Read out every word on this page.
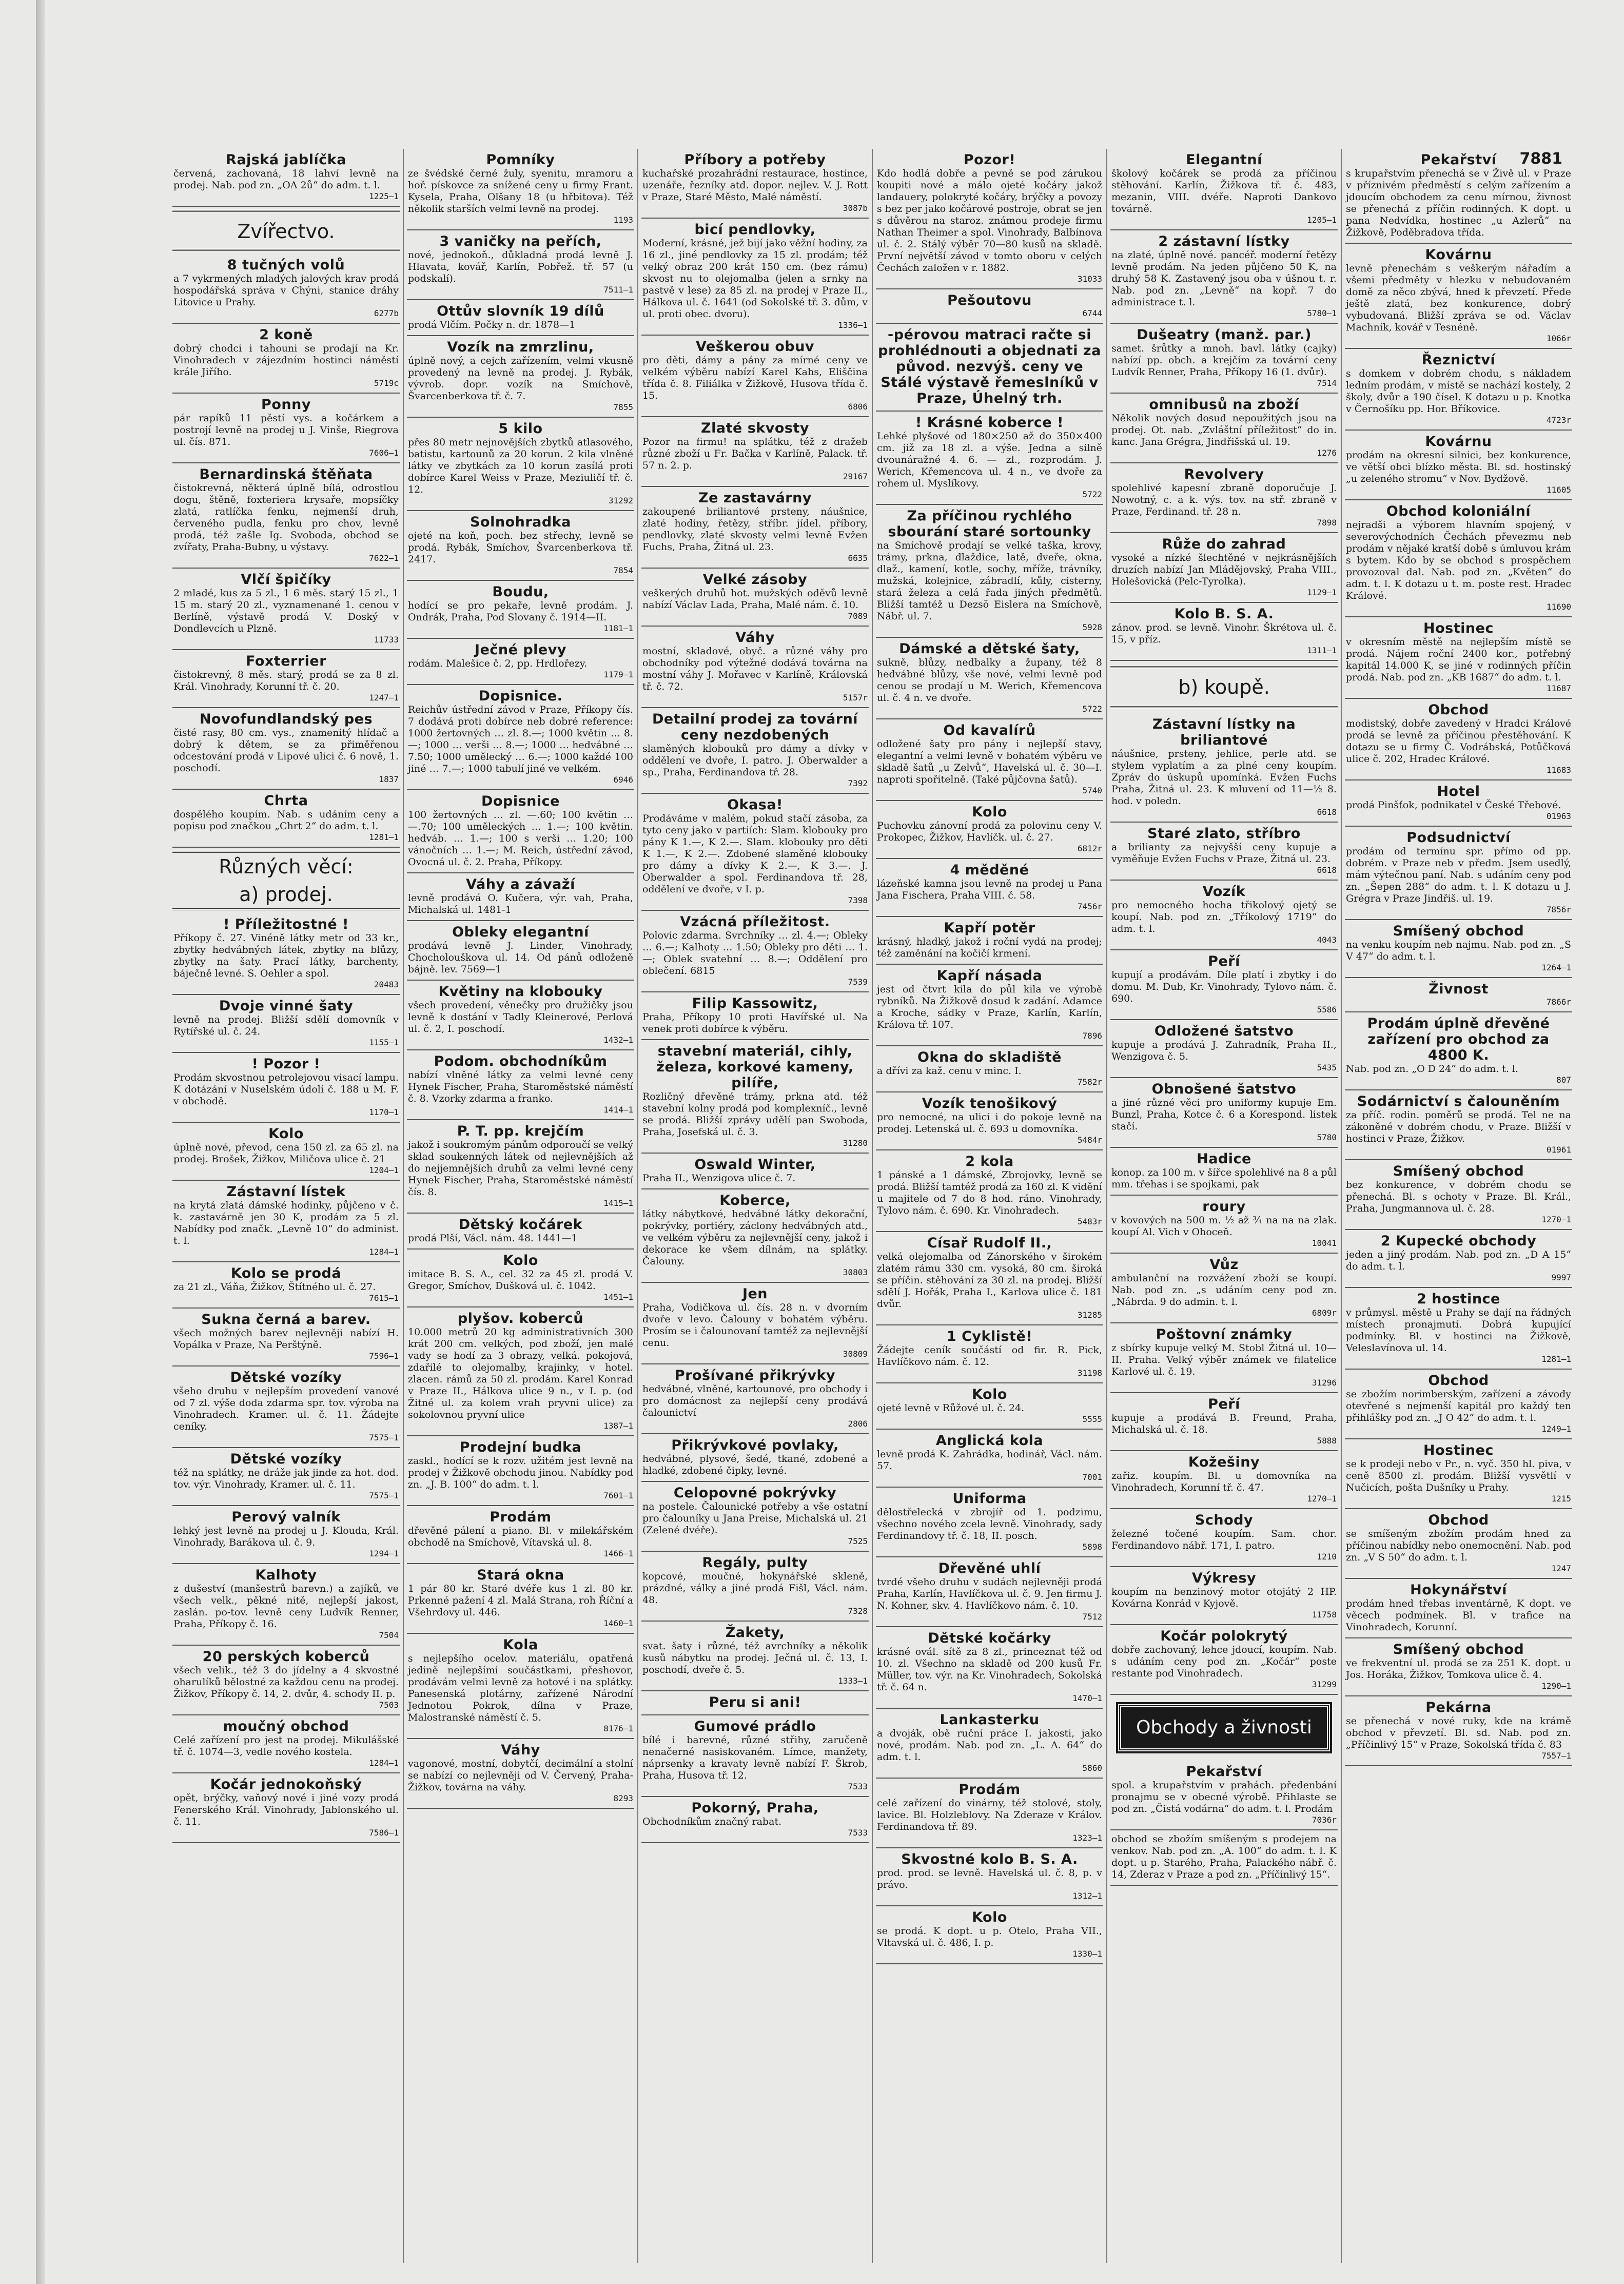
7881
Rajská jablíčka
červená, zachovaná, 18 lahví levně na prodej. Nab. pod zn. „OA 2ů“ do adm. t. l.
1225—1
Zvířectvo.
8 tučných volů
a 7 vykrmených mladých jalových krav prodá hospodářská správa v Chýni, stanice dráhy Litovice u Prahy.
6277b
2 koně
dobrý chodci i tahouni se prodají na Kr. Vinohradech v zájezdním hostinci náměstí krále Jiřího.
5719c
Ponny
pár rapíků 11 pěstí vys. a kočárkem a postrojí levně na prodej u J. Vinše, Riegrova ul. čís. 871.
7606—1
Bernardinská štěňata
čistokrevná, některá úplně bílá, odrostlou dogu, štěně, foxteriera krysaře, mopsíčky zlatá, ratlíčka fenku, nejmenší druh, červeného pudla, fenku pro chov, levně prodá, též zašle Ig. Svoboda, obchod se zvířaty, Praha-Bubny, u výstavy.
7622—1
Vlčí špičíky
2 mladé, kus za 5 zl., 1 6 měs. starý 15 zl., 1 15 m. starý 20 zl., vyznamenané 1. cenou v Berlíně, výstavě prodá V. Doský v Dondlevcích u Plzně.
11733
Foxterrier
čistokrevný, 8 měs. starý, prodá se za 8 zl. Král. Vinohrady, Korunní tř. č. 20.
1247—1
Novofundlandský pes
čisté rasy, 80 cm. vys., znamenitý hlídač a dobrý k dětem, se za přiměřenou odcestování prodá v Lipové ulici č. 6 nově, 1. poschodí.
1837
Chrta
dospělého koupím. Nab. s udáním ceny a popisu pod značkou „Chrt 2“ do adm. t. l.
1281—1
Různých věcí:
a) prodej.
! Příležitostné !
Příkopy č. 27. Vinéně látky metr od 33 kr., zbytky hedvábných látek, zbytky na blůzy, zbytky na šaty. Prací látky, barchenty, báječně levné. S. Oehler a spol.
20483
Dvoje vinné šaty
levně na prodej. Bližší sdělí domovník v Rytířské ul. č. 24.
1155—1
! Pozor !
Prodám skvostnou petrolejovou visací lampu. K dotázání v Nuselském údolí č. 188 u M. F. v obchodě.
1170—1
Kolo
úplně nové, převod, cena 150 zl. za 65 zl. na prodej. Brošek, Žižkov, Miličova ulice č. 21
1204—1
Zástavní lístek
na krytá zlatá dámské hodinky, půjčeno v č. k. zastavárně jen 30 K, prodám za 5 zl. Nabídky pod značk. „Levně 10“ do administ. t. l.
1284—1
Kolo se prodá
za 21 zl., Váňa, Žižkov, Štítného ul. č. 27.
7615—1
Sukna černá a barev.
všech možných barev nejlevněji nabízí H. Vopálka v Praze, Na Perštýně.
7596—1
Dětské vozíky
všeho druhu v nejlepším provedení vanové od 7 zl. výše doda zdarma spr. tov. výroba na Vinohradech. Kramer. ul. č. 11. Žádejte ceníky.
7575—1
Dětské vozíky
též na splátky, ne dráže jak jinde za hot. dod. tov. výr. Vinohrady, Kramer. ul. č. 11.
7575—1
Perový valník
lehký jest levně na prodej u J. Klouda, Král. Vinohrady, Barákova ul. č. 9.
1294—1
Kalhoty
z dušeství (manšestrů barevn.) a zajíků, ve všech velk., pěkné nitě, nejlepší jakost, zaslán. po-tov. levně ceny Ludvík Renner, Praha, Příkopy č. 16.
7504
20 perských koberců
všech velik., též 3 do jídelny a 4 skvostné oharulíků bělostné za každou cenu na prodej. Žižkov, Příkopy č. 14, 2. dvůr, 4. schody II. p.
7503
moučný obchod
Celé zařízení pro jest na prodej. Mikulášské tř. č. 1074—3, vedle nového kostela.
1284—1
Kočár jednokoňský
opět, brýčky, vaňový nové i jiné vozy prodá Fenerského Král. Vinohrady, Jablonského ul. č. 11.
7586—1
Pomníky
ze švédské černé žuly, syenitu, mramoru a hoř. pískovce za snížené ceny u firmy Frant. Kysela, Praha, Olšany 18 (u hřbitova). Též několik starších velmi levně na prodej.
1193
3 vaničky na peřích,
nové, jednokoň., důkladná prodá levně J. Hlavata, kovář, Karlín, Pobřež. tř. 57 (u podskalí).
7511—1
Ottův slovník 19 dílů
prodá Vlčím. Počky n. dr. 1878—1
Vozík na zmrzlinu,
úplně nový, a cejch zařízením, velmi vkusně provedený na levně na prodej. J. Rybák, vývrob. dopr. vozík na Smíchově, Švarcenberkova tř. č. 7.
7855
5 kilo
přes 80 metr nejnovějších zbytků atlasového, batistu, kartounů za 20 korun. 2 kila vlněné látky ve zbytkách za 10 korun zasílá proti dobírce Karel Weiss v Praze, Meziuličí tř. č. 12.
31292
Solnohradka
ojeté na koň, poch. bez střechy, levně se prodá. Rybák, Smíchov, Švarcenberkova tř. 2417.
7854
Boudu,
hodící se pro pekaře, levně prodám. J. Ondrák, Praha, Pod Slovany č. 1914—II.
1181—1
Ječné plevy
rodám. Malešice č. 2, pp. Hrdlořezy.
1179—1
Dopisnice.
Reichův ústřední závod v Praze, Příkopy čís. 7 dodává proti dobírce neb dobré reference: 1000 žertovných … zl. 8.—; 1000 květin … 8.—; 1000 … verši … 8.—; 1000 … hedvábné … 7.50; 1000 umělecký … 6.—; 1000 každé 100 jiné … 7.—; 1000 tabulí jiné ve velkém.
6946
Dopisnice
100 žertovných … zl. —.60; 100 květin … —.70; 100 uměleckých … 1.—; 100 květin. hedváb. … 1.—; 100 s verši … 1.20; 100 vánočních … 1.—; M. Reich, ústřední závod, Ovocná ul. č. 2. Praha, Příkopy.
Váhy a závaží
levně prodává O. Kučera, výr. vah, Praha, Michalská ul. 1481-1
Obleky elegantní
prodává levně J. Linder, Vinohrady, Chocholouškova ul. 14. Od pánů odloženě bájně. lev. 7569—1
Květiny na klobouky
všech provedení, věnečky pro družičky jsou levně k dostání v Tadly Kleinerové, Perlová ul. č. 2, I. poschodí.
1432—1
Podom. obchodníkům
nabízí vlněné látky za velmi levné ceny Hynek Fischer, Praha, Staroměstské náměstí č. 8. Vzorky zdarma a franko.
1414—1
P. T. pp. krejčím
jakož i soukromým pánům odporoučí se velký sklad soukenných látek od nejlevnějších až do nejjemnějších druhů za velmi levné ceny Hynek Fischer, Praha, Staroměstské náměstí čís. 8.
1415—1
Dětský kočárek
prodá Plší, Václ. nám. 48. 1441—1
Kolo
imitace B. S. A., cel. 32 za 45 zl. prodá V. Gregor, Smíchov, Dušková ul. č. 1042.
1451—1
plyšov. koberců
10.000 metrů 20 kg administrativních 300 krát 200 cm. velkých, pod zboží, jen malé vady se hodí za 3 obrazy, velká. pokojová, zdařilé to olejomalby, krajinky, v hotel. zlacen. rámů za 50 zl. prodám. Karel Konrad v Praze II., Hálkova ulice 9 n., v I. p. (od Žitné ul. za kolem vrah pryvni ulice) za sokolovnou pryvní ulice
1387—1
Prodejní budka
zaskl., hodící se k rozv. užitém jest levně na prodej v Žižkově obchodu jinou. Nabídky pod zn. „J. B. 100“ do adm. t. l.
7601—1
Prodám
dřevěné pálení a piano. Bl. v milekářském obchodě na Smíchově, Vítavská ul. 8.
1466—1
Stará okna
1 pár 80 kr. Staré dvéře kus 1 zl. 80 kr. Prkenné pažení 4 zl. Malá Strana, roh Říční a Všehrdovy ul. 446.
1460—1
Kola
s nejlepšího ocelov. materiálu, opatřená jedině nejlepšími součástkami, přeshovor, prodávám velmi levně za hotové i na splátky. Panesenská plotárny, zařízené Národní Jednotou Pokrok, dílna v Praze, Malostranské náměstí č. 5.
8176—1
Váhy
vagonové, mostní, dobytčí, decimální a stolní se nabízí co nejlevněji od V. Červený, Praha-Žižkov, továrna na váhy.
8293
Příbory a potřeby
kuchařské prozahrádní restaurace, hostince, uzenáře, řezníky atd. dopor. nejlev. V. J. Rott v Praze, Staré Město, Malé náměstí.
3087b
bicí pendlovky,
Moderní, krásné, jež bijí jako věžní hodiny, za 16 zl., jiné pendlovky za 15 zl. prodám; též velký obraz 200 krát 150 cm. (bez rámu) skvost nu to olejomalba (jelen a srnky na pastvě v lese) za 85 zl. na prodej v Praze II., Hálkova ul. č. 1641 (od Sokolské tř. 3. dům, v ul. proti obec. dvoru).
1336—1
Veškerou obuv
pro děti, dámy a pány za mírné ceny ve velkém výběru nabízí Karel Kahs, Eliščina třída č. 8. Filiálka v Žižkově, Husova třída č. 15.
6806
Zlaté skvosty
Pozor na firmu! na splátku, též z dražeb různé zboží u Fr. Bačka v Karlíně, Palack. tř. 57 n. 2. p.
29167
Ze zastavárny
zakoupené briliantové prsteny, náušnice, zlaté hodiny, řetězy, stříbr. jídel. příbory, pendlovky, zlaté skvosty velmi levně Evžen Fuchs, Praha, Žitná ul. 23.
6635
Velké zásoby
veškerých druhů hot. mužských oděvů levně nabízí Václav Lada, Praha, Malé nám. č. 10.
7089
Váhy
mostní, skladové, obyč. a různé váhy pro obchodníky pod výtežné dodává továrna na mostní váhy J. Mořavec v Karlíně, Královská tř. č. 72.
5157r
Detailní prodej za tovární ceny nezdobených
slaměných klobouků pro dámy a dívky v oddělení ve dvoře, I. patro. J. Oberwalder a sp., Praha, Ferdinandova tř. 28.
7392
Okasa!
Prodáváme v malém, pokud stačí zásoba, za tyto ceny jako v partiích: Slam. klobouky pro pány K 1.—, K 2.—. Slam. klobouky pro děti K 1.—, K 2.—. Zdobené slaměné klobouky pro dámy a dívky K 2.—, K 3.—. J. Oberwalder a spol. Ferdinandova tř. 28, oddělení ve dvoře, v I. p.
7398
Vzácná příležitost.
Polovic zdarma. Svrchníky … zl. 4.—; Obleky … 6.—; Kalhoty … 1.50; Obleky pro děti … 1.—; Oblek svatební … 8.—; Oddělení pro oblečení. 6815
7539
Filip Kassowitz,
Praha, Příkopy 10 proti Havířské ul. Na venek proti dobírce k výběru.
stavební materiál, cihly, železa, korkové kameny, pilíře,
Rozličný dřevěné trámy, prkna atd. též stavební kolny prodá pod komplexníč., levně se prodá. Bližší zprávy udělí pan Swoboda, Praha, Josefská ul. č. 3.
31280
Oswald Winter,
Praha II., Wenzigova ulice č. 7.
Koberce,
látky nábytkové, hedvábné látky dekorační, pokrývky, portiéry, záclony hedvábných atd., ve velkém výběru za nejlevnější ceny, jakož i dekorace ke všem dílnám, na splátky. Čalouny.
30803
Jen
Praha, Vodičkova ul. čís. 28 n. v dvorním dvoře v levo. Čalouny v bohatém výběru. Prosím se i čalounovaní tamtéž za nejlevnější cenu.
30809
Prošívané přikrývky
hedvábné, vlněné, kartounové, pro obchody i pro domácnost za nejlepší ceny prodává čalounictví
2806
Přikrývkové povlaky,
hedvábné, plysové, šedé, tkané, zdobené a hladké, zdobené čipky, levné.
Celopovné pokrývky
na postele. Čalounické potřeby a vše ostatní pro čalouníky u Jana Preise, Michalská ul. 21 (Zelené dvéře).
7525
Regály, pulty
kopcové, moučné, hokynářské skleně, prázdné, války a jiné prodá Fišl, Václ. nám. 48.
7328
Žakety,
svat. šaty i různé, též avrchníky a několik kusů nábytku na prodej. Ječná ul. č. 13, I. poschodí, dveře č. 5.
1333—1
Peru si ani!
Gumové prádlo
bílé i barevné, různé střihy, zaručeně nenačerné nasiskovaném. Límce, manžety, náprsenky a kravaty levně nabízí F. Škrob, Praha, Husova tř. 12.
7533
Pokorný, Praha,
Obchodníkům značný rabat.
7533
Pozor!
Kdo hodlá dobře a pevně se pod zárukou koupiti nové a málo ojeté kočáry jakož landauery, polokryté kočáry, brýčky a povozy s bez per jako kočárové postroje, obrat se jen s důvěrou na staroz. známou prodeje firmu Nathan Theimer a spol. Vinohrady, Balbínova ul. č. 2. Stálý výběr 70—80 kusů na skladě. První největší závod v tomto oboru v celých Čechách založen v r. 1882.
31033
Pešoutovu
6744
-pérovou matraci račte si prohlédnouti a objednati za původ. nezvýš. ceny ve Stálé výstavě řemeslníků v Praze, Úhelný trh.
! Krásné koberce !
Lehké plyšové od 180×250 až do 350×400 cm. již za 18 zl. a výše. Jedna a silně dvounáražné 4. 6. — zl., rozprodám. J. Werich, Křemencova ul. 4 n., ve dvoře za rohem ul. Myslíkovy.
5722
Za příčinou rychlého sbourání staré sortounky
na Smíchově prodají se velké taška, krovy, trámy, prkna, dlaždice, latě, dveře, okna, dlaž., kamení, kotle, sochy, mříže, trávníky, mužská, kolejnice, zábradlí, kůly, cisterny, stará železa a celá řada jiných předmětů. Bližší tamtéž u Dezsö Eislera na Smíchově, Nábř. ul. 7.
5928
Dámské a dětské šaty,
sukně, blůzy, nedbalky a župany, též 8 hedvábné blůzy, vše nové, velmi levně pod cenou se prodají u M. Werich, Křemencova ul. č. 4 n. ve dvoře.
5722
Od kavalírů
odložené šaty pro pány i nejlepší stavy, elegantní a velmi levně v bohatém výběru ve skladě šatů „u Zelvů“, Havelská ul. č. 30—I. naproti spořitelně. (Také půjčovna šatů).
5740
Kolo
Puchovku zánovní prodá za polovinu ceny V. Prokopec, Žižkov, Havlíčk. ul. č. 27.
6812r
4 měděné
lázeňské kamna jsou levně na prodej u Pana Jana Fischera, Praha VIII. č. 58.
7456r
Kapří potěr
krásný, hladký, jakož i roční vydá na prodej; též zaměnání na kočičí krmení.
Kapří násada
jest od čtvrt kila do půl kila ve výrobě rybníků. Na Žižkově dosud k zadání. Adamce a Kroche, sádky v Praze, Karlín, Karlín, Králova tř. 107.
7896
Okna do skladiště
a dřívi za kaž. cenu v minc. I.
7582r
Vozík tenošikový
pro nemocné, na ulici i do pokoje levně na prodej. Letenská ul. č. 693 u domovníka.
5484r
2 kola
1 pánské a 1 dámské, Zbrojovky, levně se prodá. Bližší tamtéž prodá za 160 zl. K vidění u majitele od 7 do 8 hod. ráno. Vinohrady, Tylovo nám. č. 690. Kr. Vinohradech.
5483r
Císař Rudolf II.,
velká olejomalba od Zánorského v širokém zlatém rámu 330 cm. vysoká, 80 cm. široká se příčin. stěhování za 30 zl. na prodej. Bližší sdělí J. Hořák, Praha I., Karlova ulice č. 181 dvůr.
31285
1 Cyklistě!
Žádejte ceník součástí od fir. R. Pick, Havlíčkovo nám. č. 12.
31198
Kolo
ojeté levně v Růžové ul. č. 24.
5555
Anglická kola
levně prodá K. Zahrádka, hodinář, Václ. nám. 57.
7001
Uniforma
dělostřelecká v zbrojíř od 1. podzimu, všechno nového zcela levně. Vinohrady, sady Ferdinandovy tř. č. 18, II. posch.
5898
Dřevěné uhlí
tvrdé všeho druhu v sudách nejlevněji prodá Praha, Karlín, Havlíčkova ul. č. 9. Jen firmu J. N. Kohner, skv. 4. Havlíčkovo nám. č. 10.
7512
Dětské kočárky
krásné ovál. sítě za 8 zl., princeznat též od 10. zl. Všechno na skladě od 200 kusů Fr. Müller, tov. výr. na Kr. Vinohradech, Sokolská tř. č. 64 n.
1470—1
Lankasterku
a dvoják, obě ruční práce I. jakosti, jako nové, prodám. Nab. pod zn. „L. A. 64“ do adm. t. l.
5860
Prodám
celé zařízení do vinárny, též stolové, stoly, lavice. Bl. Holzleblovy. Na Zderaze v Králov. Ferdinandova tř. 89.
1323—1
Skvostné kolo B. S. A.
prod. prod. se levně. Havelská ul. č. 8, p. v právo.
1312—1
Kolo
se prodá. K dopt. u p. Otelo, Praha VII., Vltavská ul. č. 486, I. p.
1330—1
Elegantní
školový kočárek se prodá za příčinou stěhování. Karlín, Žižkova tř. č. 483, mezanin, VIII. dvéře. Naproti Dankovo továrně.
1205—1
2 zástavní lístky
na zlaté, úplně nové. pancéř. moderní řetězy levně prodám. Na jeden půjčeno 50 K, na druhý 58 K. Zastavený jsou oba v úšnou t. r. Nab. pod zn. „Levně“ na kopř. 7 do administrace t. l.
5780—1
Dušeatry (manž. par.)
samet. šrůtky a mnoh. bavl. látky (cajky) nabízí pp. obch. a krejčím za tovární ceny Ludvík Renner, Praha, Příkopy 16 (1. dvůr).
7514
omnibusů na zboží
Několik nových dosud nepoužitých jsou na prodej. Ot. nab. „Zvláštní příležitost“ do in. kanc. Jana Grégra, Jindřišská ul. 19.
1276
Revolvery
spolehlivé kapesní zbraně doporučuje J. Nowotný, c. a k. výs. tov. na stř. zbraně v Praze, Ferdinand. tř. 28 n.
7898
Růže do zahrad
vysoké a nízké šlechtěné v nejkrásnějších druzích nabízí Jan Mládějovský, Praha VIII., Holešovická (Pelc-Tyrolka).
1129—1
Kolo B. S. A.
zánov. prod. se levně. Vinohr. Škrétova ul. č. 15, v příz.
1311—1
b) koupě.
Zástavní lístky na briliantové
náušnice, prsteny, jehlice, perle atd. se stylem vyplatím a za plné ceny koupím. Zpráv do úskupů upomínká. Evžen Fuchs Praha, Žitná ul. 23. K mluvení od 11—½ 8. hod. v poledn.
6618
Staré zlato, stříbro
a brilianty za nejvyšší ceny kupuje a vyměňuje Evžen Fuchs v Praze, Žitná ul. 23.
6618
Vozík
pro nemocného hocha třikolový ojetý se koupí. Nab. pod zn. „Tříkolový 1719“ do adm. t. l.
4043
Peří
kupují a prodávám. Díle platí i zbytky i do domu. M. Dub, Kr. Vinohrady, Tylovo nám. č. 690.
5586
Odložené šatstvo
kupuje a prodává J. Zahradník, Praha II., Wenzigova č. 5.
5435
Obnošené šatstvo
a jiné různé věci pro uniformy kupuje Em. Bunzl, Praha, Kotce č. 6 a Korespond. listek stačí.
5780
Hadice
konop. za 100 m. v šířce spolehlivé na 8 a půl mm. třehas i se spojkami, pak
roury
v kovových na 500 m. ½ až ¾ na na na zlak. koupí Al. Vich v Ohoceň.
10041
Vůz
ambulanční na rozvážení zboží se koupí. Nab. pod zn. „s udáním ceny pod zn. „Nábrda. 9 do admin. t. l.
6809r
Poštovní známky
z sbírky kupuje velký M. Stobl Žitná ul. 10—II. Praha. Velký výběr známek ve filatelice Karlové ul. č. 19.
31296
Peří
kupuje a prodává B. Freund, Praha, Michalská ul. č. 18.
5888
Kožešiny
zařiz. koupím. Bl. u domovníka na Vinohradech, Korunní tř. č. 47.
1270—1
Schody
železné točené koupím. Sam. chor. Ferdinandovo nábř. 171, I. patro.
1210
Výkresy
koupím na benzinový motor otojátý 2 HP. Kovárna Konrád v Kyjově.
11758
Kočár polokrytý
dobře zachovaný, lehce jdoucí, koupím. Nab. s udáním ceny pod zn. „Kočár“ poste restante pod Vinohradech.
31299
Obchody a živnosti
Pekařství
spol. a krupařstvím v prahách. předenbání pronajmu se v obecné výrobě. Přihlaste se pod zn. „Čistá vodárna“ do adm. t. l. Prodám
7036r
obchod se zbožím smíšeným s prodejem na venkov. Nab. pod zn. „A. 100“ do adm. t. l. K dopt. u p. Starého, Praha, Palackého nábř. č. 14, Zderaz v Praze a pod zn. „Příčinlivý 15“.
Pekařství
s krupařstvím přenechá se v Živě ul. v Praze v příznivém předměstí s celým zařízením a jdoucím obchodem za cenu mírnou, živnost se přenechá z příčin rodinných. K dopt. u pana Nedvídka, hostinec „u Azlerů“ na Žižkově, Poděbradova třída.
Kovárnu
levně přenechám s veškerým nářadím a všemi předměty v hlezku v nebudovaném domě za něco zbývá, hned k převzetí. Přede ještě zlatá, bez konkurence, dobrý vybudovaná. Bližší zpráva se od. Václav Machník, kovář v Tesnéně.
1066r
Řeznictví
s domkem v dobrém chodu, s nákladem ledním prodám, v místě se nachází kostely, 2 školy, dvůr a 190 čísel. K dotazu u p. Knotka v Černošíku pp. Hor. Bříkovice.
4723r
Kovárnu
prodám na okresní silnici, bez konkurence, ve větší obci blízko města. Bl. sd. hostinský „u zeleného stromu“ v Nov. Bydžově.
11605
Obchod koloniální
nejradši a výborem hlavním spojený, v severovýchodních Čechách převezmu neb prodám v nějaké kratší době s úmluvou krám s bytem. Kdo by se obchod s prospěchem provozoval dal. Nab. pod zn. „Květen“ do adm. t. l. K dotazu u t. m. poste rest. Hradec Králové.
11690
Hostinec
v okresním městě na nejlepším místě se prodá. Nájem roční 2400 kor., potřebný kapitál 14.000 K, se jiné v rodinných příčin prodá. Nab. pod zn. „KB 1687“ do adm. t. l.
11687
Obchod
modistský, dobře zavedený v Hradci Králové prodá se levně za příčinou přestěhování. K dotazu se u firmy Č. Vodrábská, Potůčková ulice č. 202, Hradec Králové.
11683
Hotel
prodá Pinšťok, podnikatel v České Třebové.
01963
Podsudnictví
prodám od termínu spr. přímo od pp. dobrém. v Praze neb v předm. Jsem usedlý, mám výtečnou paní. Nab. s udáním ceny pod zn. „Šepen 288“ do adm. t. l. K dotazu u J. Grégra v Praze Jindřiš. ul. 19.
7856r
Smíšený obchod
na venku koupím neb najmu. Nab. pod zn. „S V 47“ do adm. t. l.
1264—1
Živnost
7866r
Prodám úplně dřevěné zařízení pro obchod za 4800 K.
Nab. pod zn. „O D 24“ do adm. t. l.
807
Sodárnictví s čalouněním
za příč. rodin. poměrů se prodá. Tel ne na zákoněné v dobrém chodu, v Praze. Bližší v hostinci v Praze, Žižkov.
01961
Smíšený obchod
bez konkurence, v dobrém chodu se přenechá. Bl. s ochoty v Praze. Bl. Král., Praha, Jungmannova ul. č. 28.
1270—1
2 Kupecké obchody
jeden a jiný prodám. Nab. pod zn. „D A 15“ do adm. t. l.
9997
2 hostince
v průmysl. městě u Prahy se dají na řádných místech pronajmutí. Dobrá kupující podmínky. Bl. v hostinci na Žižkově, Veleslavínova ul. 14.
1281—1
Obchod
se zbožím norimberským, zařízení a závody otevřené s nejmenší kapitál pro každý ten přihlášky pod zn. „J O 42“ do adm. t. l.
1249—1
Hostinec
se k prodeji nebo v Pr., n. vyč. 350 hl. piva, v ceně 8500 zl. prodám. Bližší vysvětlí v Nučicích, pošta Dušníky u Prahy.
1215
Obchod
se smíšeným zbožím prodám hned za příčinou nabídky nebo onemocnění. Nab. pod zn. „V S 50“ do adm. t. l.
1247
Hokynářství
prodám hned třebas inventárně, K dopt. ve věcech podmínek. Bl. v trafice na Vinohradech, Korunní.
Smíšený obchod
ve frekventní ul. prodá se za 251 K. dopt. u Jos. Horáka, Žižkov, Tomkova ulice č. 4.
1290—1
Pekárna
se přenechá v nové ruky, kde na krámě obchod v převzetí. Bl. sd. Nab. pod zn. „Příčinlivý 15“ v Praze, Sokolská třída č. 83
7557—1
